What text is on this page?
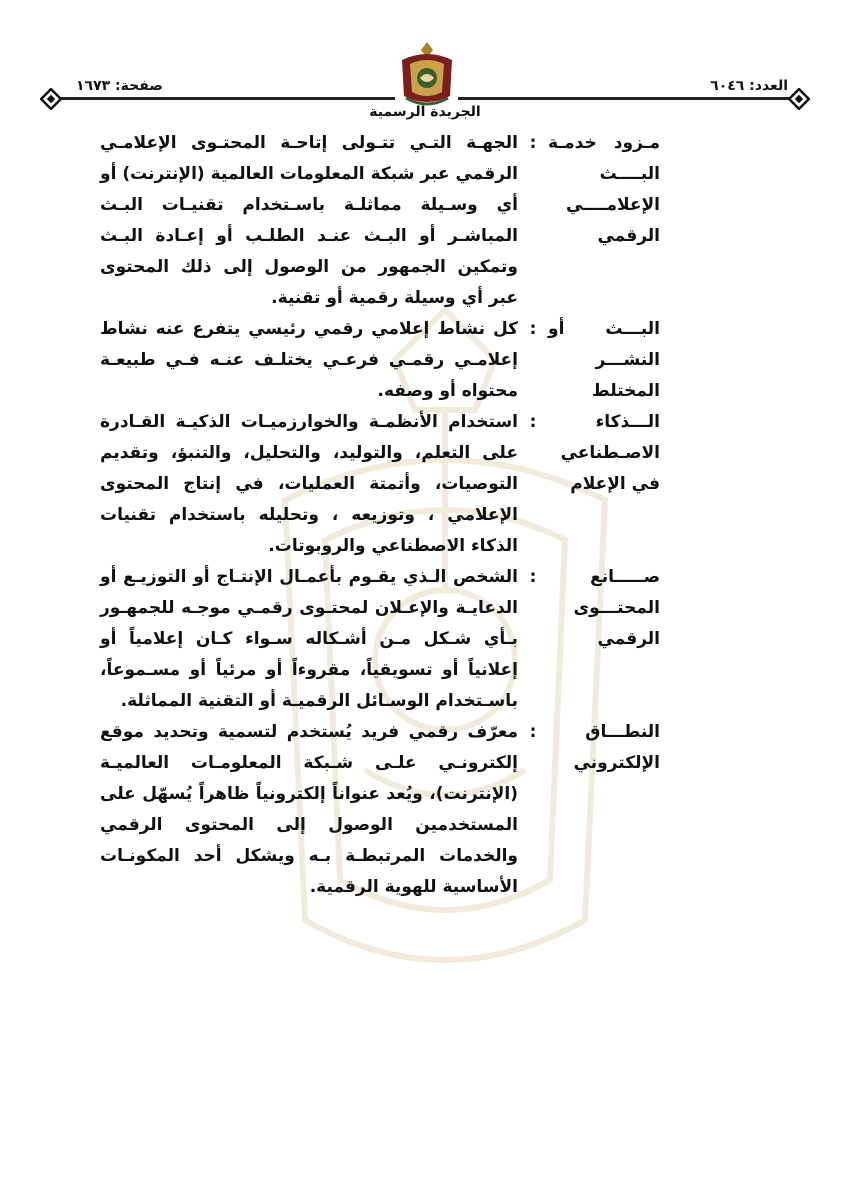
العدد: ٦٠٤٦
صفحة: ١٦٧٣
الجريدة الرسمية
مـزود خدمـة البــــث الإعلامــــي الرقمي
:
الجهـة التـي تتـولى إتاحـة المحتـوى الإعلامـي الرقمي عبر شبكة المعلومات العالمية (الإنترنت) أو أي وسـيلة مماثلـة باسـتخدام تقنيـات البـث المباشـر أو البـث عنـد الطلـب أو إعـادة البـث وتمكين الجمهور من الوصول إلى ذلك المحتوى عبر أي وسيلة رقمية أو تقنية.
البـــث أو النشـــر المختلط
:
كل نشاط إعلامي رقمي رئيسي يتفرع عنه نشاط إعلامـي رقمـي فرعـي يختلـف عنـه فـي طبيعـة محتواه أو وصفه.
الـــذكاء الاصـطناعي في الإعلام
:
استخدام الأنظمـة والخوارزميـات الذكيـة القـادرة على التعلم، والتوليد، والتحليل، والتنبؤ، وتقديم التوصيات، وأتمتة العمليات، في إنتاج المحتوى الإعلامي ، وتوزيعه ، وتحليله باستخدام تقنيات الذكاء الاصطناعي والروبوتات.
صـــــانع المحتـــوى الرقمي
:
الشخص الـذي يقـوم بأعمـال الإنتـاج أو التوزيـع أو الدعايـة والإعـلان لمحتـوى رقمـي موجـه للجمهـور بـأي شـكل مـن أشـكاله سـواء كـان إعلامياً أو إعلانياً أو تسويقياً، مقروءاً أو مرئياً أو مسـموعاً، باسـتخدام الوسـائل الرقميـة أو التقنية المماثلة.
النطـــاق الإلكتروني
:
معرّف رقمي فريد يُستخدم لتسمية وتحديد موقع إلكترونـي علـى شـبكة المعلومـات العالميـة (الإنترنت)، ويُعد عنواناً إلكترونياً ظاهراً يُسهّل على المستخدمين الوصول إلى المحتوى الرقمي والخدمات المرتبطـة بـه ويشكل أحد المكونـات الأساسية للهوية الرقمية.
